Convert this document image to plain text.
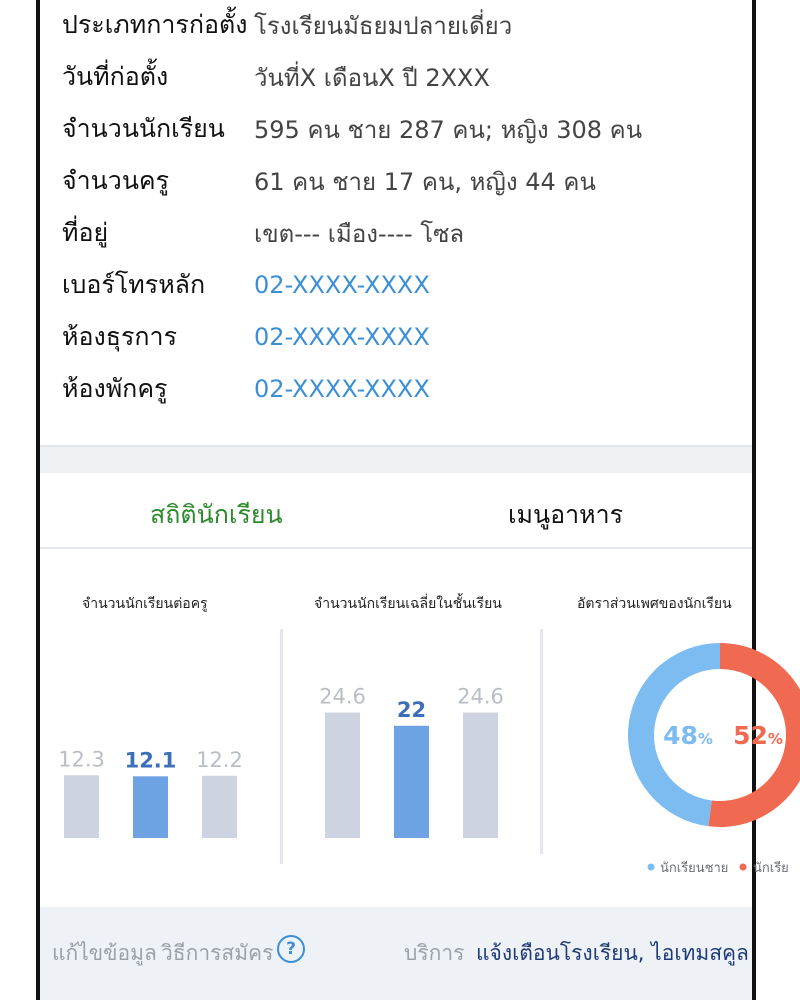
ประเภทการก่อตั้ง โรงเรียนมัธยมปลายเดี่ยว
วันที่ก่อตั้ง	วันที่X เดือนX ปี 2XXX
จำนวนนักเรียน	595 คน ชาย 287 คน; หญิง 308 คน
จำนวนครู	61 คน ชาย 17 คน, หญิง 44 คน
ที่อยู่	เขต--- เมือง---- โซล
เบอร์โทรหลัก	02-XXXX-XXXX
ห้องธุรการ	02-XXXX-XXXX
ห้องพักครู	02-XXXX-XXXX
สถิตินักเรียน	เมนูอาหาร
จำนวนนักเรียนต่อครู	จำนวนนักเรียนเฉลี่ยในชั้นเรียน	อัตราส่วนเพศของนักเรียน
12.3 12.1 12.2
24.6
22
24.6
48% 52%
นักเรียนชาย นักเรีย
แก้ไขข้อมูล วิธีการสมัคร ?	บริการ แจ้งเตือนโรงเรียน, ไอเทมสคูล
